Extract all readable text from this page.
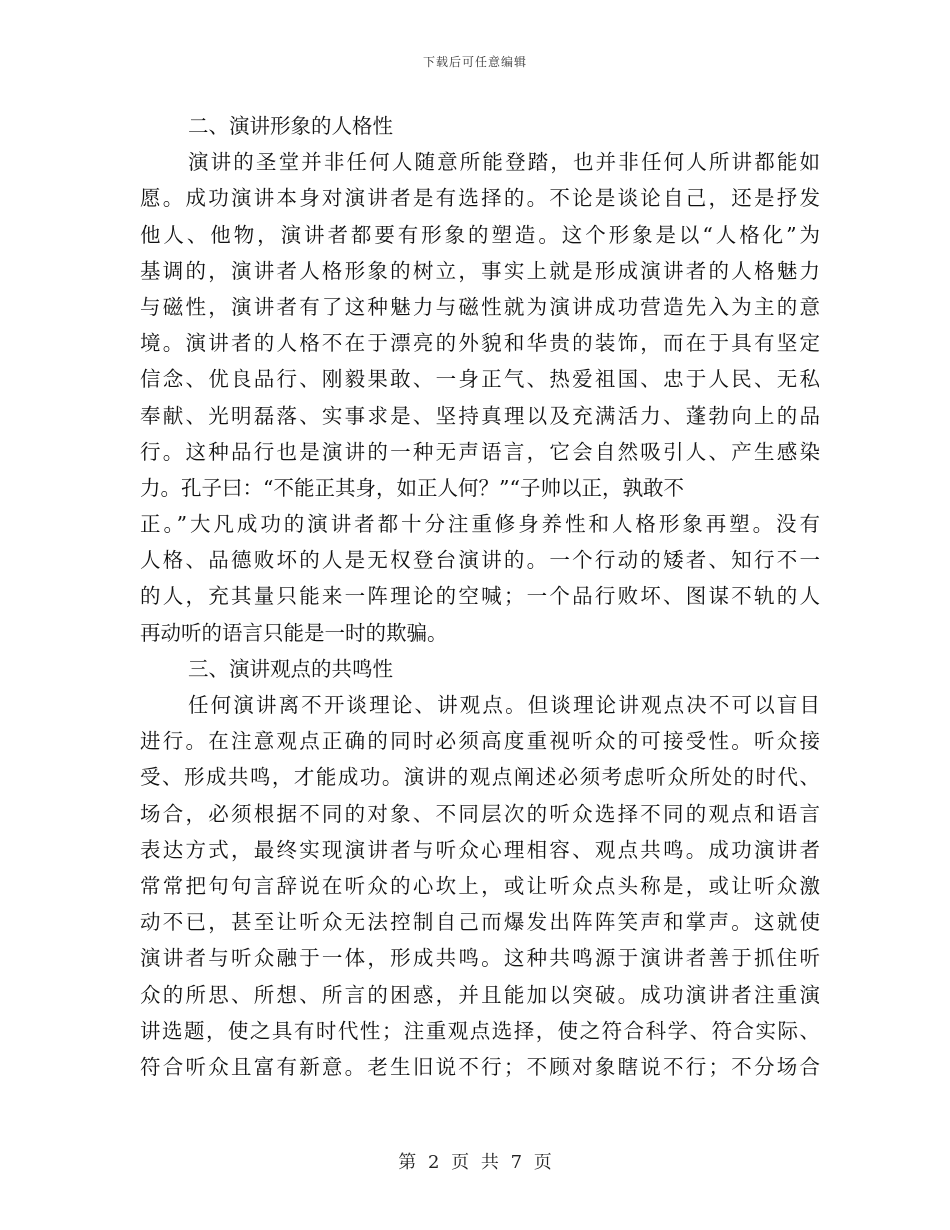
下载后可任意编辑
二、演讲形象的人格性
演讲的圣堂并非任何人随意所能登踏，也并非任何人所讲都能如
愿。成功演讲本身对演讲者是有选择的。不论是谈论自己，还是抒发
他人、他物，演讲者都要有形象的塑造。这个形象是以“人格化”为
基调的，演讲者人格形象的树立，事实上就是形成演讲者的人格魅力
与磁性，演讲者有了这种魅力与磁性就为演讲成功营造先入为主的意
境。演讲者的人格不在于漂亮的外貌和华贵的装饰，而在于具有坚定
信念、优良品行、刚毅果敢、一身正气、热爱祖国、忠于人民、无私
奉献、光明磊落、实事求是、坚持真理以及充满活力、蓬勃向上的品
行。这种品行也是演讲的一种无声语言，它会自然吸引人、产生感染
力。孔子曰：“不能正其身，如正人何？”“子帅以正，孰敢不
正。”大凡成功的演讲者都十分注重修身养性和人格形象再塑。没有
人格、品德败坏的人是无权登台演讲的。一个行动的矮者、知行不一
的人，充其量只能来一阵理论的空喊；一个品行败坏、图谋不轨的人
再动听的语言只能是一时的欺骗。
三、演讲观点的共鸣性
任何演讲离不开谈理论、讲观点。但谈理论讲观点决不可以盲目
进行。在注意观点正确的同时必须高度重视听众的可接受性。听众接
受、形成共鸣，才能成功。演讲的观点阐述必须考虑听众所处的时代、
场合，必须根据不同的对象、不同层次的听众选择不同的观点和语言
表达方式，最终实现演讲者与听众心理相容、观点共鸣。成功演讲者
常常把句句言辞说在听众的心坎上，或让听众点头称是，或让听众激
动不已，甚至让听众无法控制自己而爆发出阵阵笑声和掌声。这就使
演讲者与听众融于一体，形成共鸣。这种共鸣源于演讲者善于抓住听
众的所思、所想、所言的困惑，并且能加以突破。成功演讲者注重演
讲选题，使之具有时代性；注重观点选择，使之符合科学、符合实际、
符合听众且富有新意。老生旧说不行；不顾对象瞎说不行；不分场合
第 2 页 共 7 页
